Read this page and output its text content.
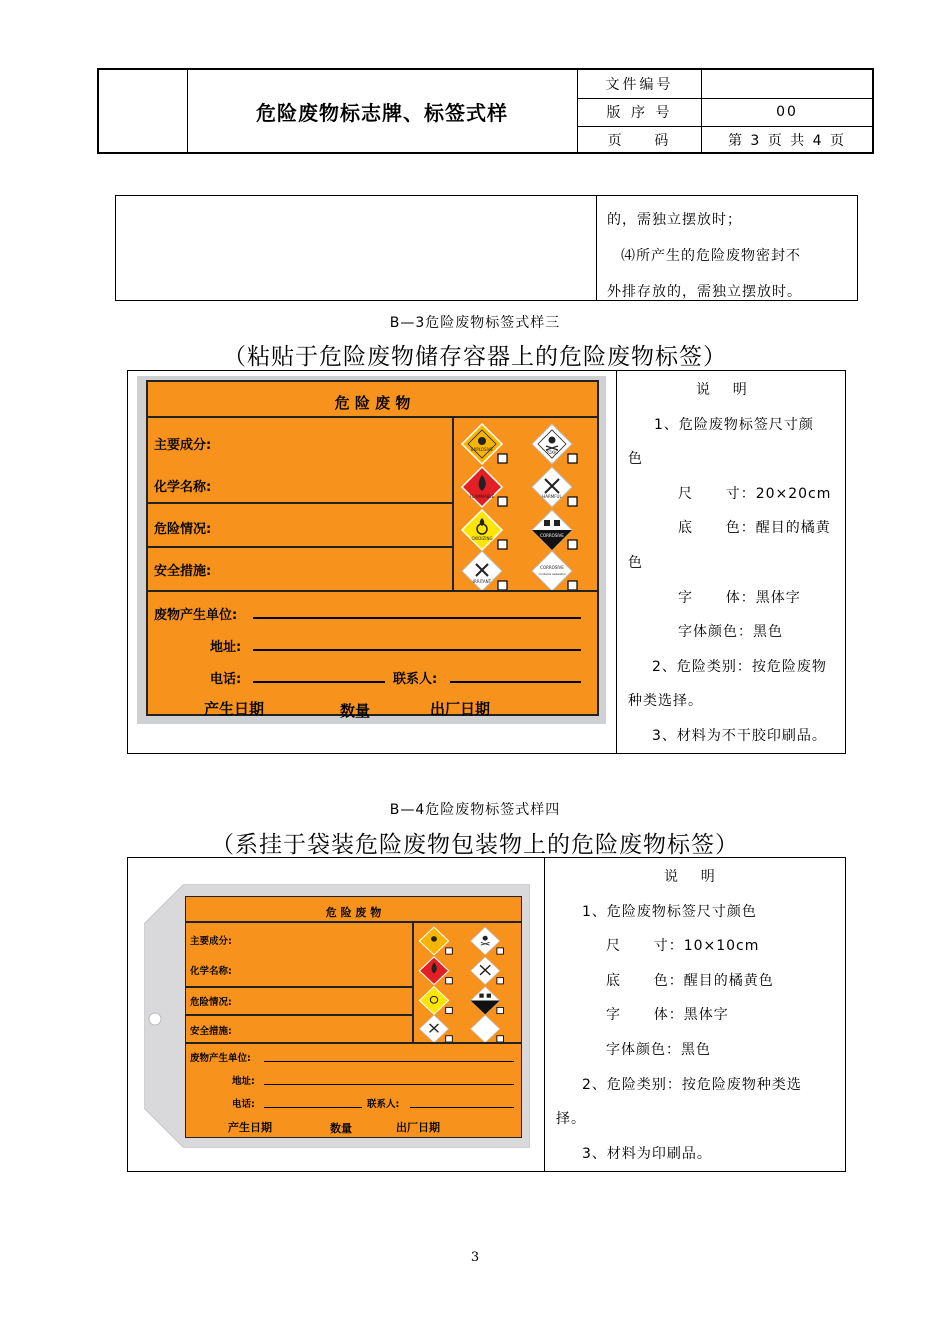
危险废物标志牌、标签式样
文件编号
版 序 号	00
页    码	第 3 页 共 4 页
的，需独立摆放时；
⑷所产生的危险废物密封不
外排存放的，需独立摆放时。
B—3危险废物标签式样三
（粘贴于危险废物储存容器上的危险废物标签）
危 险 废 物
主要成分:
化学名称:
危险情况:
安全措施:
EXPLOSIVE
TOXIC
FLAMMABLE	HARMFUL
OXIDIZING
CORROSIVE
IRRITANT
CORROSIVE
contains asbestos
废物产生单位:
地址:
电话:	联系人:
产生日期	数量	出厂日期
说    明
1、危险废物标签尺寸颜
色
尺      寸：20×20cm
底      色：醒目的橘黄
色
字      体：黑体字
字体颜色：黑色
2、危险类别：按危险废物
种类选择。
3、材料为不干胶印刷品。
B—4危险废物标签式样四
（系挂于袋装危险废物包装物上的危险废物标签）
危 险 废 物
主要成分:
化学名称:
危险情况:
安全措施:
废物产生单位:
地址:
电话:	联系人:
产生日期	数量	出厂日期
说    明
1、危险废物标签尺寸颜色
尺      寸：10×10cm
底      色：醒目的橘黄色
字      体：黑体字
字体颜色：黑色
2、危险类别：按危险废物种类选
择。
3、材料为印刷品。
3
